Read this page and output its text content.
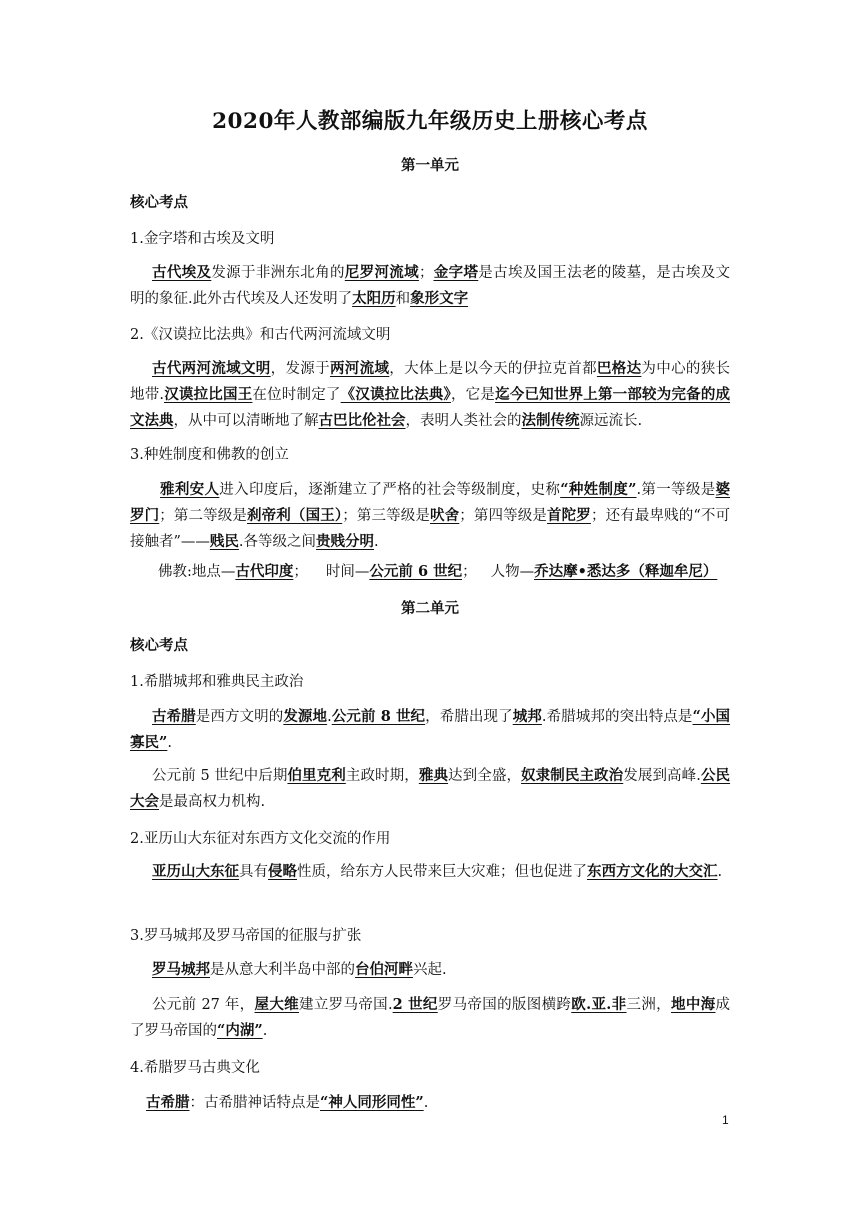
2020年人教部编版九年级历史上册核心考点
第一单元
核心考点
1.金字塔和古埃及文明
古代埃及发源于非洲东北角的尼罗河流域；金字塔是古埃及国王法老的陵墓，是古埃及文明的象征.此外古代埃及人还发明了太阳历和象形文字
2.《汉谟拉比法典》和古代两河流域文明
古代两河流域文明，发源于两河流域，大体上是以今天的伊拉克首都巴格达为中心的狭长地带.汉谟拉比国王在位时制定了《汉谟拉比法典》，它是迄今已知世界上第一部较为完备的成文法典，从中可以清晰地了解古巴比伦社会，表明人类社会的法制传统源远流长.
3.种姓制度和佛教的创立
雅利安人进入印度后，逐渐建立了严格的社会等级制度，史称“种姓制度”.第一等级是婆罗门；第二等级是刹帝利（国王）；第三等级是吠舍；第四等级是首陀罗；还有最卑贱的“不可接触者”——贱民.各等级之间贵贱分明.
佛教:地点—古代印度； 时间—公元前 6 世纪； 人物—乔达摩•悉达多（释迦牟尼）
第二单元
核心考点
1.希腊城邦和雅典民主政治
古希腊是西方文明的发源地.公元前 8 世纪，希腊出现了城邦.希腊城邦的突出特点是“小国寡民”.
公元前 5 世纪中后期伯里克利主政时期，雅典达到全盛，奴隶制民主政治发展到高峰.公民大会是最高权力机构.
2.亚历山大东征对东西方文化交流的作用
亚历山大东征具有侵略性质，给东方人民带来巨大灾难；但也促进了东西方文化的大交汇.
3.罗马城邦及罗马帝国的征服与扩张
罗马城邦是从意大利半岛中部的台伯河畔兴起.
公元前 27 年，屋大维建立罗马帝国.2 世纪罗马帝国的版图横跨欧.亚.非三洲，地中海成了罗马帝国的“内湖”.
4.希腊罗马古典文化
古希腊：古希腊神话特点是“神人同形同性”.
1
